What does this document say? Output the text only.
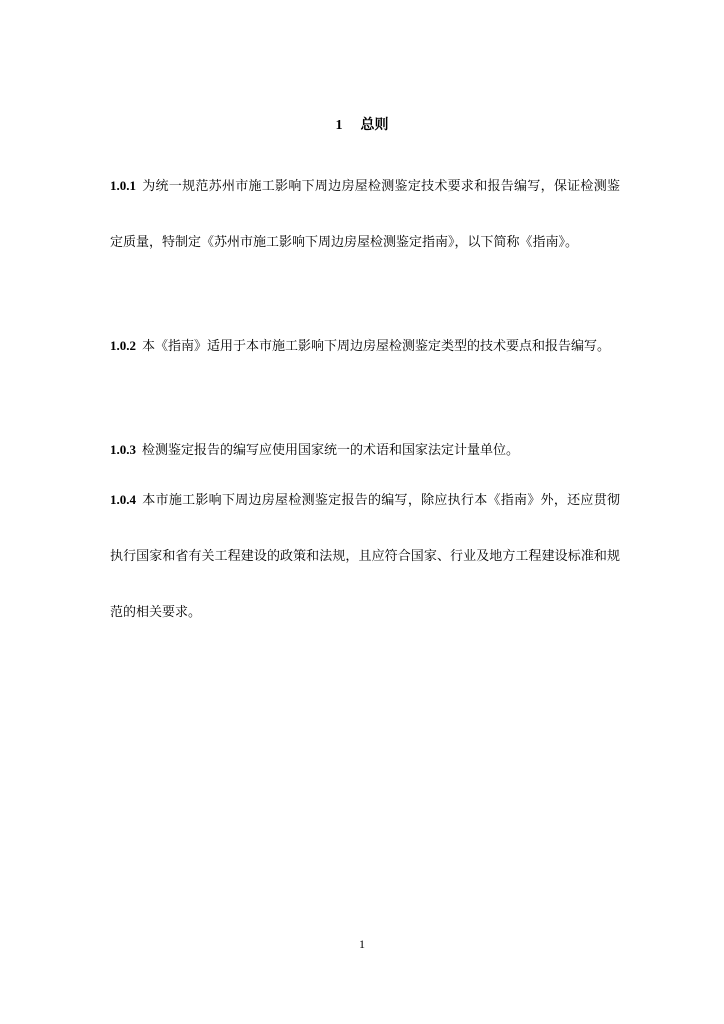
1 总则

1.0.1 为统一规范苏州市施工影响下周边房屋检测鉴定技术要求和报告编写，保证检测鉴定质量，特制定《苏州市施工影响下周边房屋检测鉴定指南》，以下简称《指南》。

1.0.2 本《指南》适用于本市施工影响下周边房屋检测鉴定类型的技术要点和报告编写。

1.0.3 检测鉴定报告的编写应使用国家统一的术语和国家法定计量单位。

1.0.4 本市施工影响下周边房屋检测鉴定报告的编写，除应执行本《指南》外，还应贯彻执行国家和省有关工程建设的政策和法规，且应符合国家、行业及地方工程建设标准和规范的相关要求。

1
